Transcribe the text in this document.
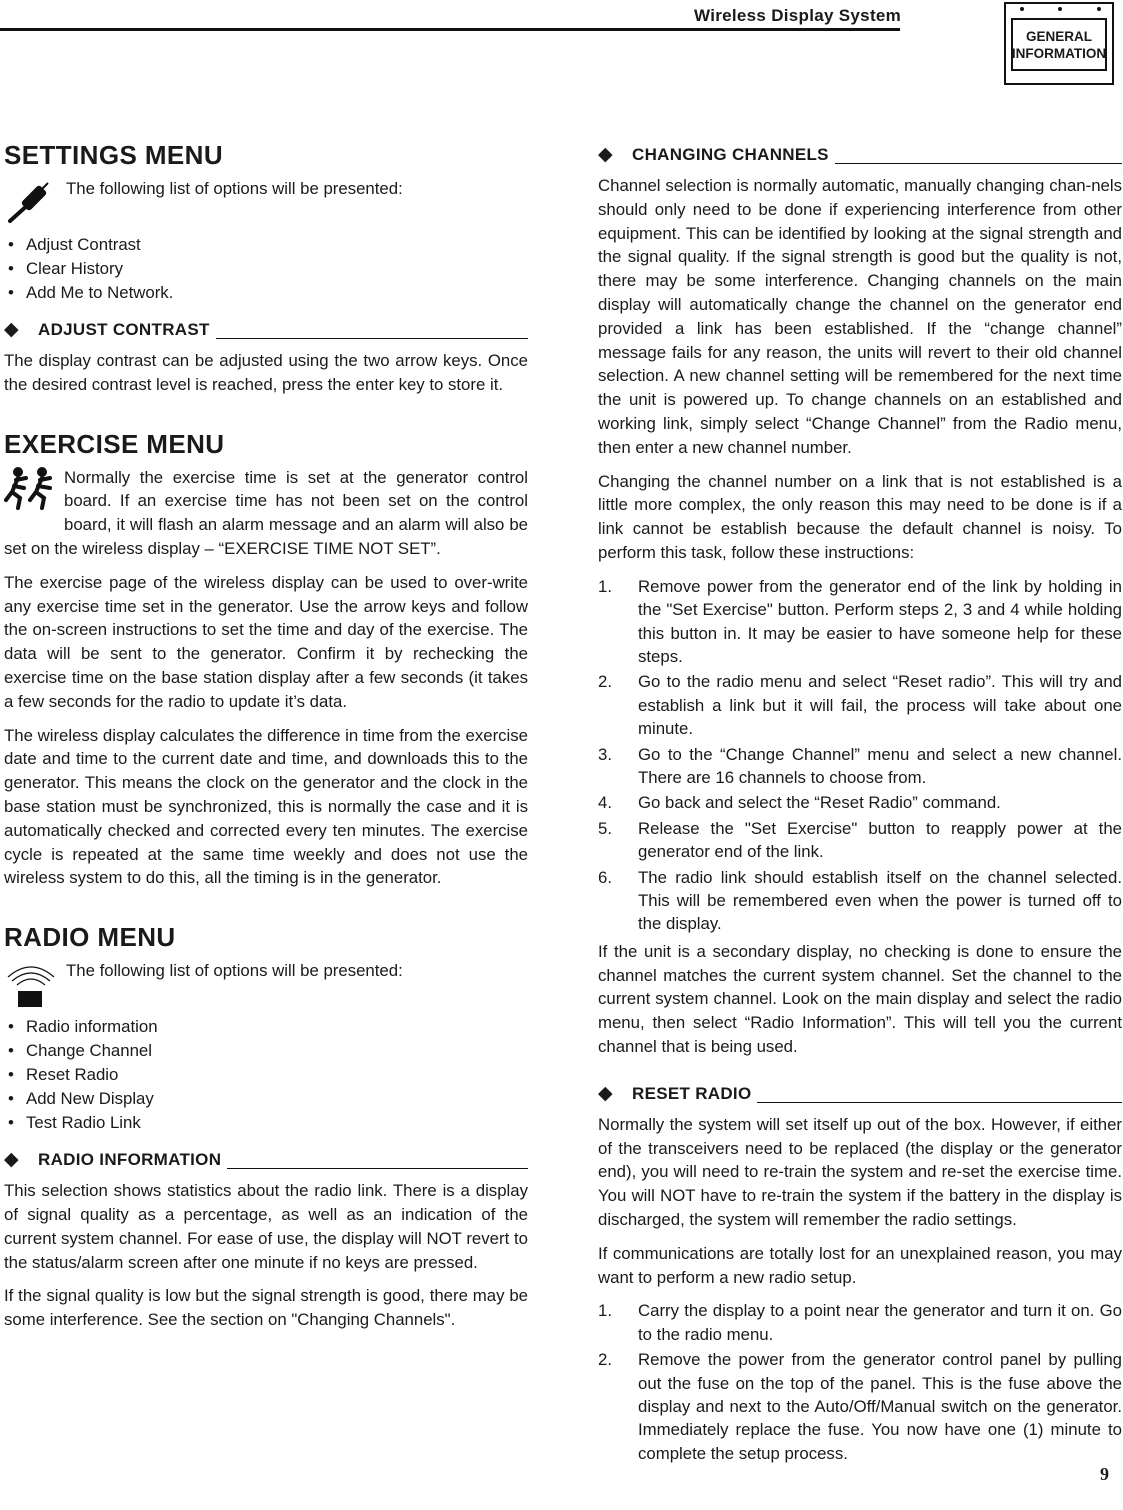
Wireless Display System
GENERAL
INFORMATION
SETTINGS MENU
The following list of options will be presented:
• Adjust Contrast
• Clear History
• Add Me to Network.
◆	ADJUST CONTRAST

The display contrast can be adjusted using the two arrow keys. Once the desired contrast level is reached, press the enter key to store it.

EXERCISE MENU

Normally the exercise time is set at the generator control board. If an exercise time has not been set on the control board, it will flash an alarm message and an alarm will also be set on the wireless display – “EXERCISE TIME NOT SET”.

The exercise page of the wireless display can be used to over-write any exercise time set in the generator. Use the arrow keys and follow the on-screen instructions to set the time and day of the exercise. The data will be sent to the generator. Confirm it by rechecking the exercise time on the base station display after a few seconds (it takes a few seconds for the radio to update it’s data.

The wireless display calculates the difference in time from the exercise date and time to the current date and time, and downloads this to the generator. This means the clock on the generator and the clock in the base station must be synchronized, this is normally the case and it is automatically checked and corrected every ten minutes. The exercise cycle is repeated at the same time weekly and does not use the wireless system to do this, all the timing is in the generator.

RADIO MENU
The following list of options will be presented:
• Radio information
• Change Channel
• Reset Radio
• Add New Display
• Test Radio Link
◆	RADIO INFORMATION

This selection shows statistics about the radio link. There is a display of signal quality as a percentage, as well as an indication of the current system channel. For ease of use, the display will NOT revert to the status/alarm screen after one minute if no keys are pressed.

If the signal quality is low but the signal strength is good, there may be some interference. See the section on "Changing Channels".

◆	CHANGING CHANNELS

Channel selection is normally automatic, manually changing chan-nels should only need to be done if experiencing interference from other equipment. This can be identified by looking at the signal strength and the signal quality. If the signal strength is good but the quality is not, there may be some interference. Changing channels on the main display will automatically change the channel on the generator end provided a link has been established. If the “change channel” message fails for any reason, the units will revert to their old channel selection. A new channel setting will be remembered for the next time the unit is powered up. To change channels on an established and working link, simply select “Change Channel” from the Radio menu, then enter a new channel number.

Changing the channel number on a link that is not established is a little more complex, the only reason this may need to be done is if a link cannot be establish because the default channel is noisy. To perform this task, follow these instructions:

1. Remove power from the generator end of the link by holding in the "Set Exercise" button. Perform steps 2, 3 and 4 while holding this button in. It may be easier to have someone help for these steps.
2. Go to the radio menu and select “Reset radio”. This will try and establish a link but it will fail, the process will take about one minute.
3. Go to the “Change Channel” menu and select a new channel. There are 16 channels to choose from.
4. Go back and select the “Reset Radio” command.
5. Release the "Set Exercise" button to reapply power at the generator end of the link.
6. The radio link should establish itself on the channel selected. This will be remembered even when the power is turned off to the display.

If the unit is a secondary display, no checking is done to ensure the channel matches the current system channel. Set the channel to the current system channel. Look on the main display and select the radio menu, then select “Radio Information”. This will tell you the current channel that is being used.

◆	RESET RADIO

Normally the system will set itself up out of the box. However, if either of the transceivers need to be replaced (the display or the generator end), you will need to re-train the system and re-set the exercise time. You will NOT have to re-train the system if the battery in the display is discharged, the system will remember the radio settings.

If communications are totally lost for an unexplained reason, you may want to perform a new radio setup.

1. Carry the display to a point near the generator and turn it on. Go to the radio menu.
2. Remove the power from the generator control panel by pulling out the fuse on the top of the panel. This is the fuse above the display and next to the Auto/Off/Manual switch on the generator. Immediately replace the fuse. You now have one (1) minute to complete the setup process.
9
